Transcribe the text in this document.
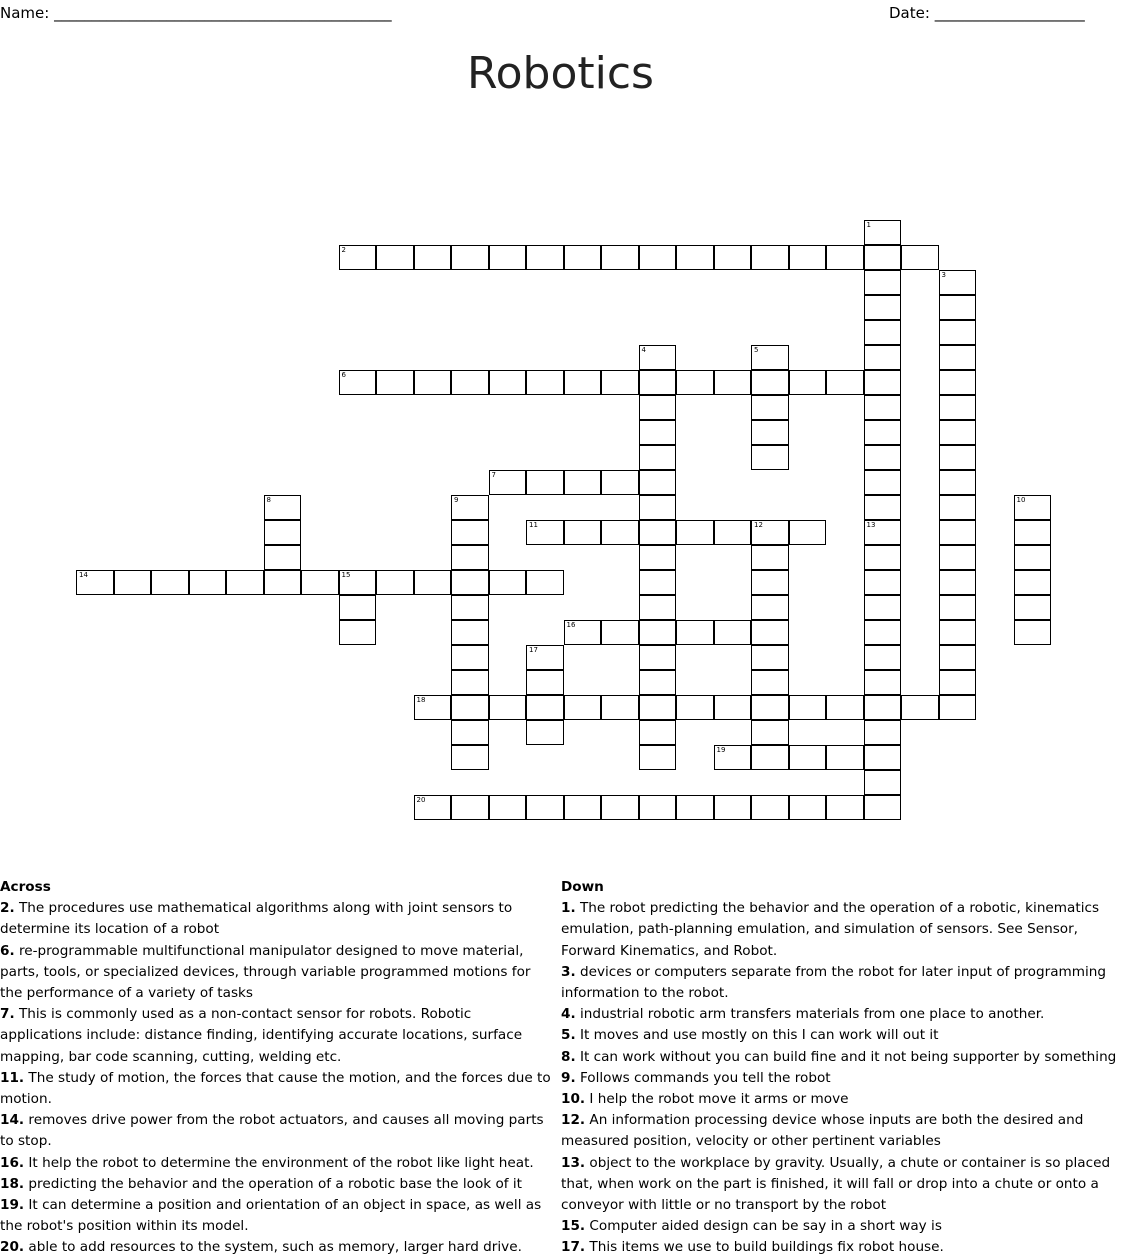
Name: _____________________________________________	Date: ____________________
Robotics
2
6
7
11	12
14	15
16
18
19
20
1
13
3
4	5
8	9	10
17
Across
2. The procedures use mathematical algorithms along with joint sensors to determine its location of a robot
6. re-programmable multifunctional manipulator designed to move material, parts, tools, or specialized devices, through variable programmed motions for the performance of a variety of tasks
7. This is commonly used as a non-contact sensor for robots. Robotic applications include: distance finding, identifying accurate locations, surface mapping, bar code scanning, cutting, welding etc.
11. The study of motion, the forces that cause the motion, and the forces due to motion.
14. removes drive power from the robot actuators, and causes all moving parts to stop.
16. It help the robot to determine the environment of the robot like light heat.
18. predicting the behavior and the operation of a robotic base the look of it
19. It can determine a position and orientation of an object in space, as well as the robot's position within its model.
20. able to add resources to the system, such as memory, larger hard drive.
Down
1. The robot predicting the behavior and the operation of a robotic, kinematics emulation, path-planning emulation, and simulation of sensors. See Sensor, Forward Kinematics, and Robot.
3. devices or computers separate from the robot for later input of programming information to the robot.
4. industrial robotic arm transfers materials from one place to another.
5. It moves and use mostly on this I can work will out it
8. It can work without you can build fine and it not being supporter by something
9. Follows commands you tell the robot
10. I help the robot move it arms or move
12. An information processing device whose inputs are both the desired and measured position, velocity or other pertinent variables
13. object to the workplace by gravity. Usually, a chute or container is so placed that, when work on the part is finished, it will fall or drop into a chute or onto a conveyor with little or no transport by the robot
15. Computer aided design can be say in a short way is
17. This items we use to build buildings fix robot house.
